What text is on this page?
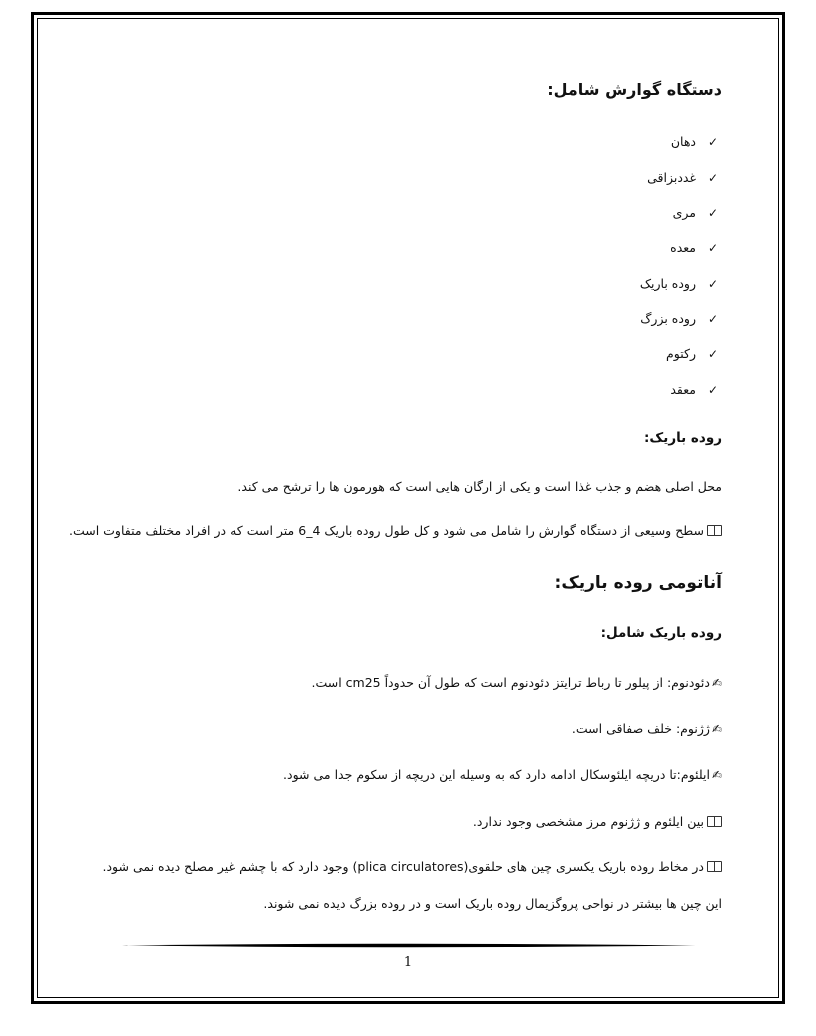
دستگاه گوارش شامل:
✓دهان
✓غددبزاقی
✓مری
✓معده
✓روده باریک
✓روده بزرگ
✓رکتوم
✓معقد
روده باریک:
محل اصلی هضم و جذب غذا است و یکی از ارگان هایی است که هورمون ها را ترشح می کند.
سطح وسیعی از دستگاه گوارش را شامل می شود و کل طول روده باریک 4_6 متر است که در افراد مختلف متفاوت است.
آناتومی روده باریک:
روده باریک شامل:
✍دئودنوم: از پیلور تا رباط ترایتز دئودنوم است که طول آن حدوداً cm25 است.
✍ژژنوم: خلف صفاقی است.
✍ایلئوم:تا دریچه ایلئوسکال ادامه دارد که به وسیله این دریچه از سکوم جدا می شود.
بین ایلئوم و ژژنوم مرز مشخصی وجود ندارد.
در مخاط روده باریک یکسری چین های حلقوی(plica circulatores) وجود دارد که با چشم غیر مصلح دیده نمی شود.
این چین ها بیشتر در نواحی پروگزیمال روده باریک است و در روده بزرگ دیده نمی شوند.
1
